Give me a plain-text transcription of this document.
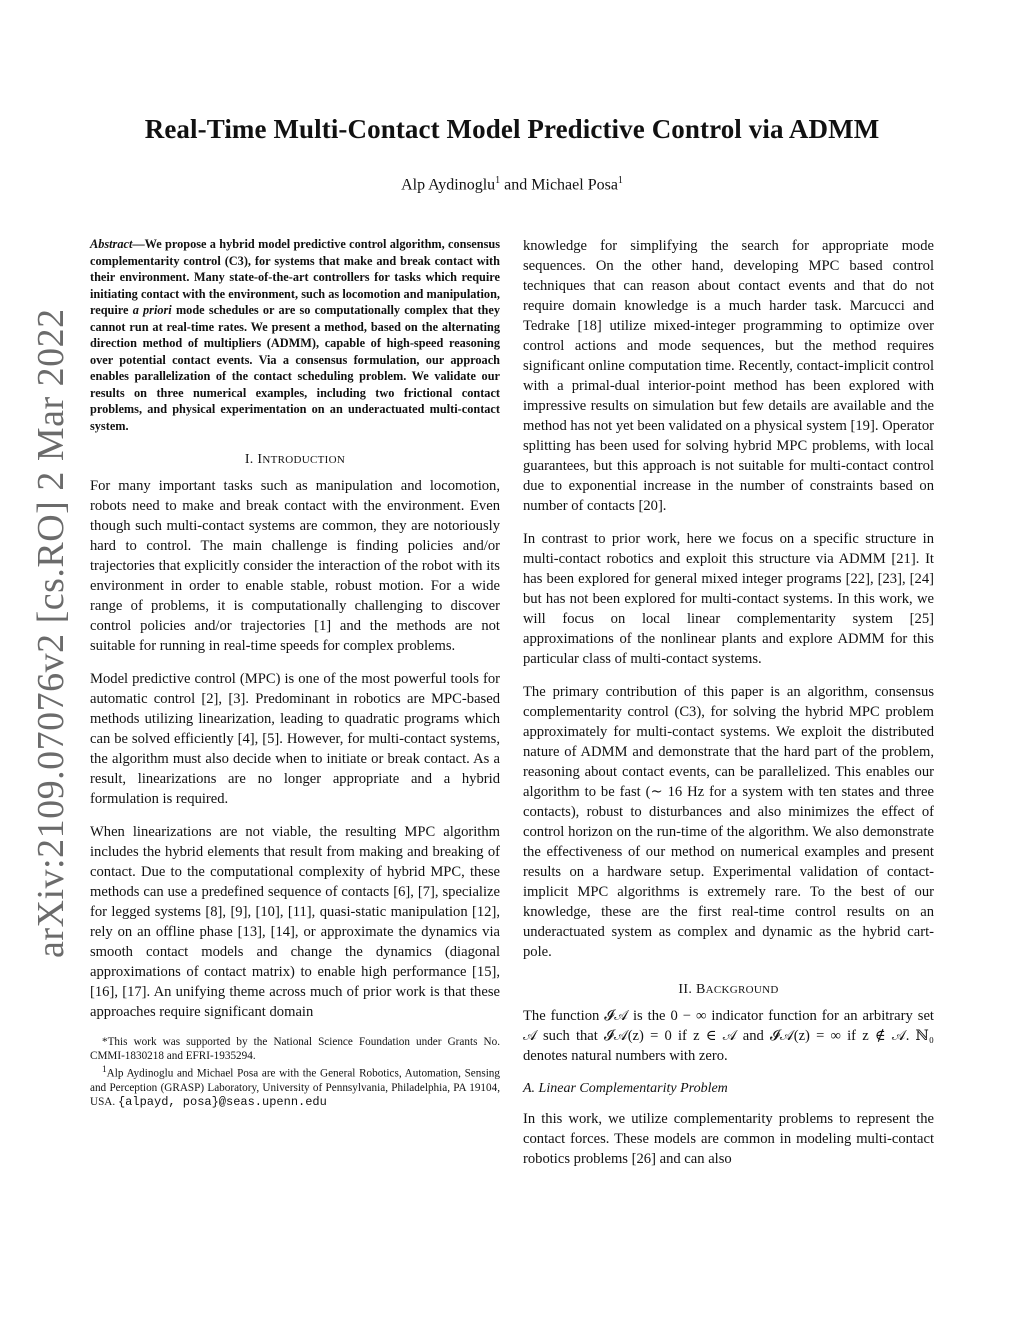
Real-Time Multi-Contact Model Predictive Control via ADMM
Alp Aydinoglu$^1$ and Michael Posa$^1$
arXiv:2109.07076v2 [cs.RO] 2 Mar 2022

Abstract—We propose a hybrid model predictive control algorithm, consensus complementarity control (C3), for systems that make and break contact with their environment. Many state-of-the-art controllers for tasks which require initiating contact with the environment, such as locomotion and manipulation, require a priori mode schedules or are so computationally complex that they cannot run at real-time rates. We present a method, based on the alternating direction method of multipliers (ADMM), capable of high-speed reasoning over potential contact events. Via a consensus formulation, our approach enables parallelization of the contact scheduling problem. We validate our results on three numerical examples, including two frictional contact problems, and physical experimentation on an underactuated multi-contact system.

I. INTRODUCTION

For many important tasks such as manipulation and locomotion, robots need to make and break contact with the environment. Even though such multi-contact systems are common, they are notoriously hard to control. The main challenge is finding policies and/or trajectories that explicitly consider the interaction of the robot with its environment in order to enable stable, robust motion. For a wide range of problems, it is computationally challenging to discover control policies and/or trajectories [1] and the methods are not suitable for running in real-time speeds for complex problems.

Model predictive control (MPC) is one of the most powerful tools for automatic control [2], [3]. Predominant in robotics are MPC-based methods utilizing linearization, leading to quadratic programs which can be solved efficiently [4], [5]. However, for multi-contact systems, the algorithm must also decide when to initiate or break contact. As a result, linearizations are no longer appropriate and a hybrid formulation is required.

When linearizations are not viable, the resulting MPC algorithm includes the hybrid elements that result from making and breaking of contact. Due to the computational complexity of hybrid MPC, these methods can use a predefined sequence of contacts [6], [7], specialize for legged systems [8], [9], [10], [11], quasi-static manipulation [12], rely on an offline phase [13], [14], or approximate the dynamics via smooth contact models and change the dynamics (diagonal approximations of contact matrix) to enable high performance [15], [16], [17]. An unifying theme across much of prior work is that these approaches require significant domain

*This work was supported by the National Science Foundation under Grants No. CMMI-1830218 and EFRI-1935294.
$^1$Alp Aydinoglu and Michael Posa are with the General Robotics, Automation, Sensing and Perception (GRASP) Laboratory, University of Pennsylvania, Philadelphia, PA 19104, USA. {alpayd, posa}@seas.upenn.edu

knowledge for simplifying the search for appropriate mode sequences. On the other hand, developing MPC based control techniques that can reason about contact events and that do not require domain knowledge is a much harder task. Marcucci and Tedrake [18] utilize mixed-integer programming to optimize over control actions and mode sequences, but the method requires significant online computation time. Recently, contact-implicit control with a primal-dual interior-point method has been explored with impressive results on simulation but few details are available and the method has not yet been validated on a physical system [19]. Operator splitting has been used for solving hybrid MPC problems, with local guarantees, but this approach is not suitable for multi-contact control due to exponential increase in the number of constraints based on number of contacts [20].

In contrast to prior work, here we focus on a specific structure in multi-contact robotics and exploit this structure via ADMM [21]. It has been explored for general mixed integer programs [22], [23], [24] but has not been explored for multi-contact systems. In this work, we will focus on local linear complementarity system [25] approximations of the nonlinear plants and explore ADMM for this particular class of multi-contact systems.

The primary contribution of this paper is an algorithm, consensus complementarity control (C3), for solving the hybrid MPC problem approximately for multi-contact systems. We exploit the distributed nature of ADMM and demonstrate that the hard part of the problem, reasoning about contact events, can be parallelized. This enables our algorithm to be fast (∼ 16 Hz for a system with ten states and three contacts), robust to disturbances and also minimizes the effect of control horizon on the run-time of the algorithm. We also demonstrate the effectiveness of our method on numerical examples and present results on a hardware setup. Experimental validation of contact-implicit MPC algorithms is extremely rare. To the best of our knowledge, these are the first real-time control results on an underactuated system as complex and dynamic as the hybrid cart-pole.

II. BACKGROUND

The function 𝓘𝒜 is the 0 − ∞ indicator function for an arbitrary set 𝒜 such that 𝓘𝒜(z) = 0 if z ∈ 𝒜 and 𝓘𝒜(z) = ∞ if z ∉ 𝒜. ℕ₀ denotes natural numbers with zero.

A. Linear Complementarity Problem

In this work, we utilize complementarity problems to represent the contact forces. These models are common in modeling multi-contact robotics problems [26] and can also
